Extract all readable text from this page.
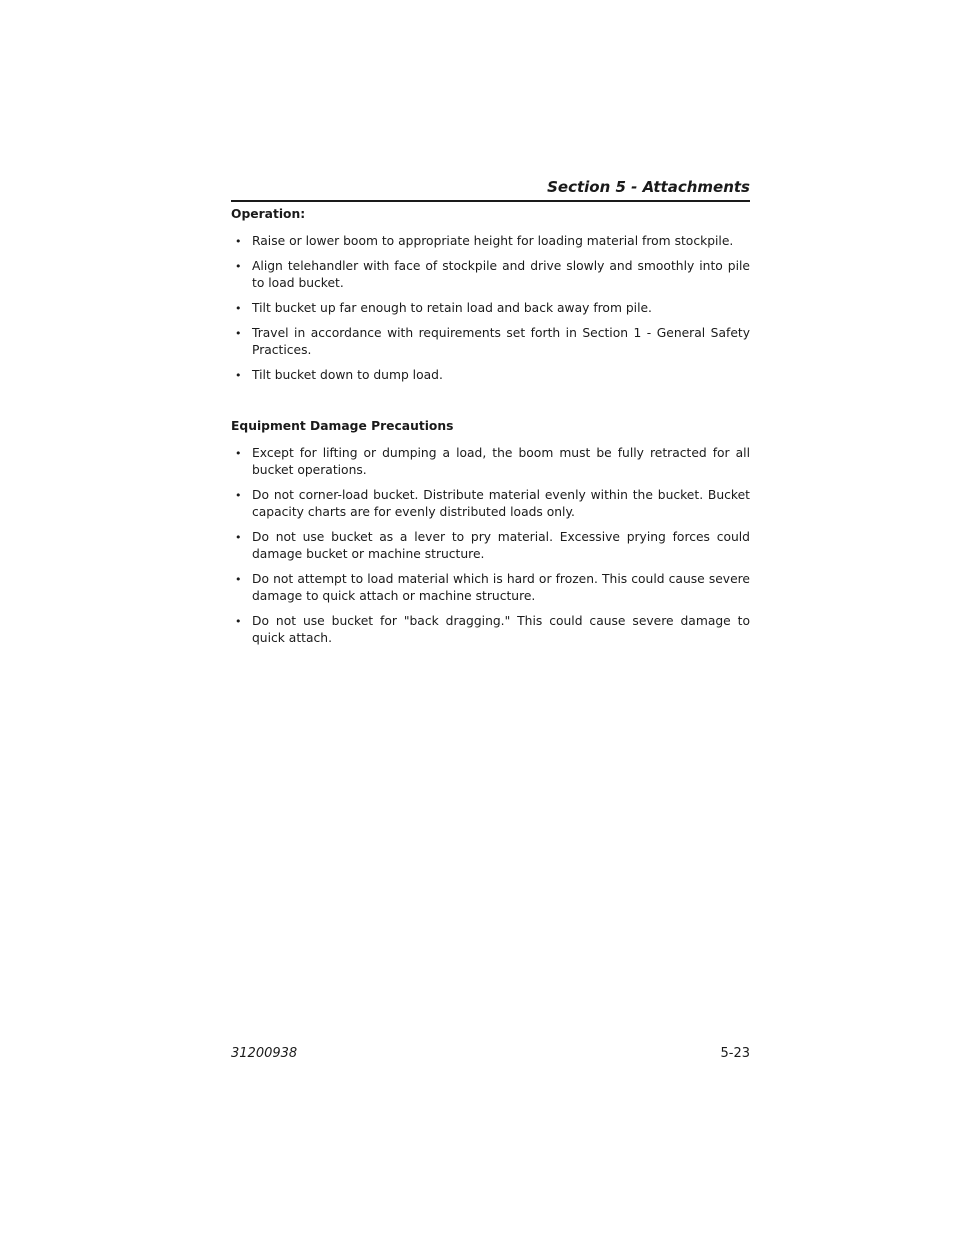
Section 5 - Attachments
Operation:
• Raise or lower boom to appropriate height for loading material from stockpile.
• Align telehandler with face of stockpile and drive slowly and smoothly into pile to load bucket.
• Tilt bucket up far enough to retain load and back away from pile.
• Travel in accordance with requirements set forth in Section 1 - General Safety Practices.
• Tilt bucket down to dump load.
Equipment Damage Precautions
• Except for lifting or dumping a load, the boom must be fully retracted for all bucket operations.
• Do not corner-load bucket. Distribute material evenly within the bucket. Bucket capacity charts are for evenly distributed loads only.
• Do not use bucket as a lever to pry material. Excessive prying forces could damage bucket or machine structure.
• Do not attempt to load material which is hard or frozen. This could cause severe damage to quick attach or machine structure.
• Do not use bucket for "back dragging." This could cause severe damage to quick attach.
31200938	5-23
